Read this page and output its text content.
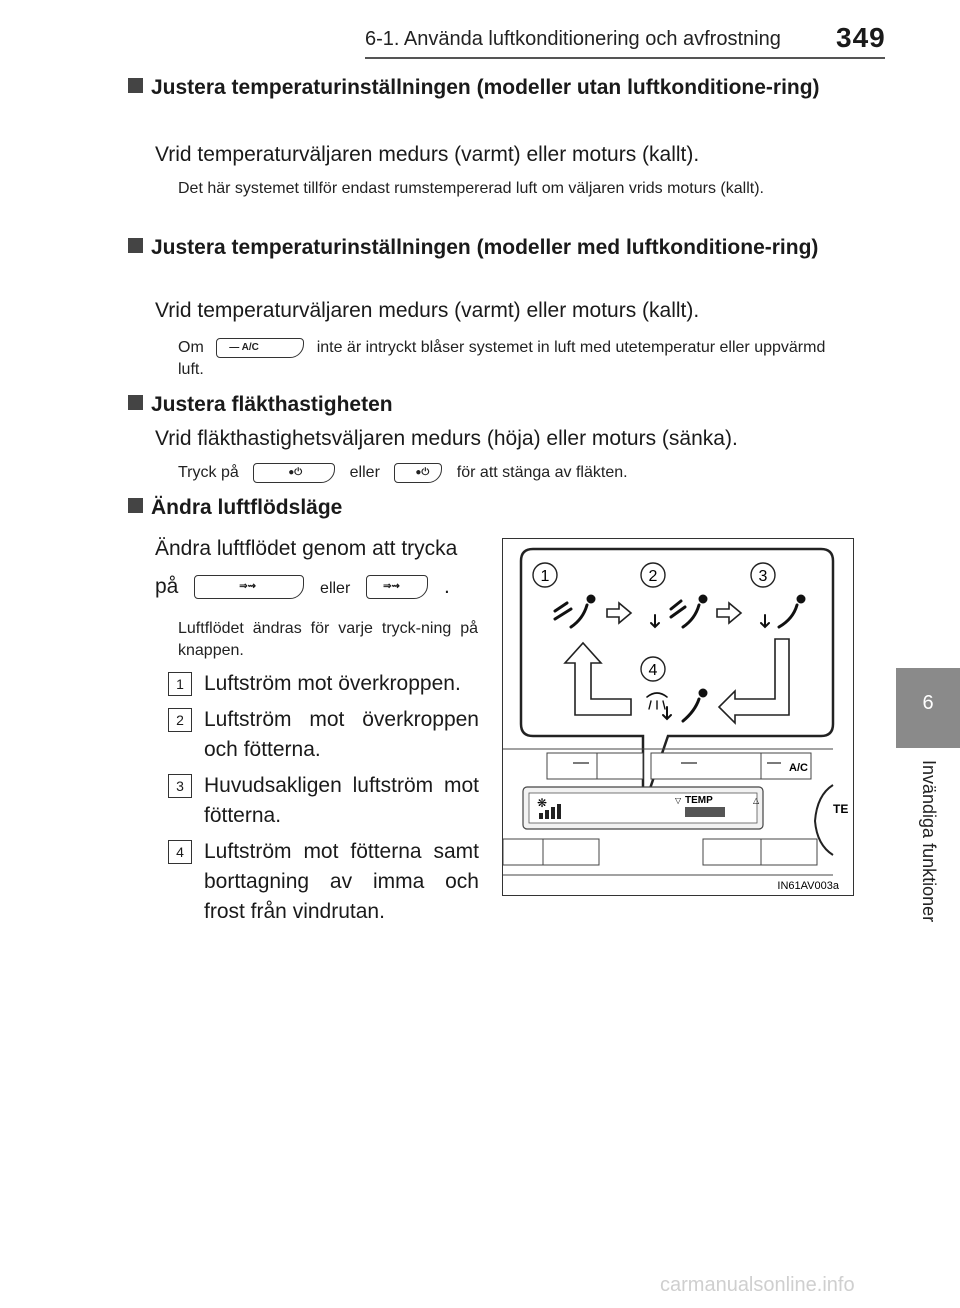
6-1. Använda luftkonditionering och avfrostning 349
6
Invändiga funktioner
Justera temperaturinställningen (modeller utan luftkonditione-ring)
Vrid temperaturväljaren medurs (varmt) eller moturs (kallt).
Det här systemet tillför endast rumstempererad luft om väljaren vrids moturs (kallt).
Justera temperaturinställningen (modeller med luftkonditione-ring)
Vrid temperaturväljaren medurs (varmt) eller moturs (kallt).
Om	— A/C	inte är intryckt blåser systemet in luft med utetemperatur eller uppvärmd luft.
Justera fläkthastigheten
Vrid fläkthastighetsväljaren medurs (höja) eller moturs (sänka).
Tryck på	●⏻	eller	●⏻ för att stänga av fläkten.
Ändra luftflödsläge
Ändra luftflödet genom att trycka
på	⇒⇝	eller	⇒⇝ .
Luftflödet ändras för varje tryck-ning på knappen.
1 Luftström mot överkroppen.
2 Luftström mot överkroppen och fötterna.
3 Huvudsakligen luftström mot fötterna.
4 Luftström mot fötterna samt borttagning av imma och frost från vindrutan.
1	2	3
4
A/C
❋	TEMP
▽	△
TE
IN61AV003a
carmanualsonline.info
